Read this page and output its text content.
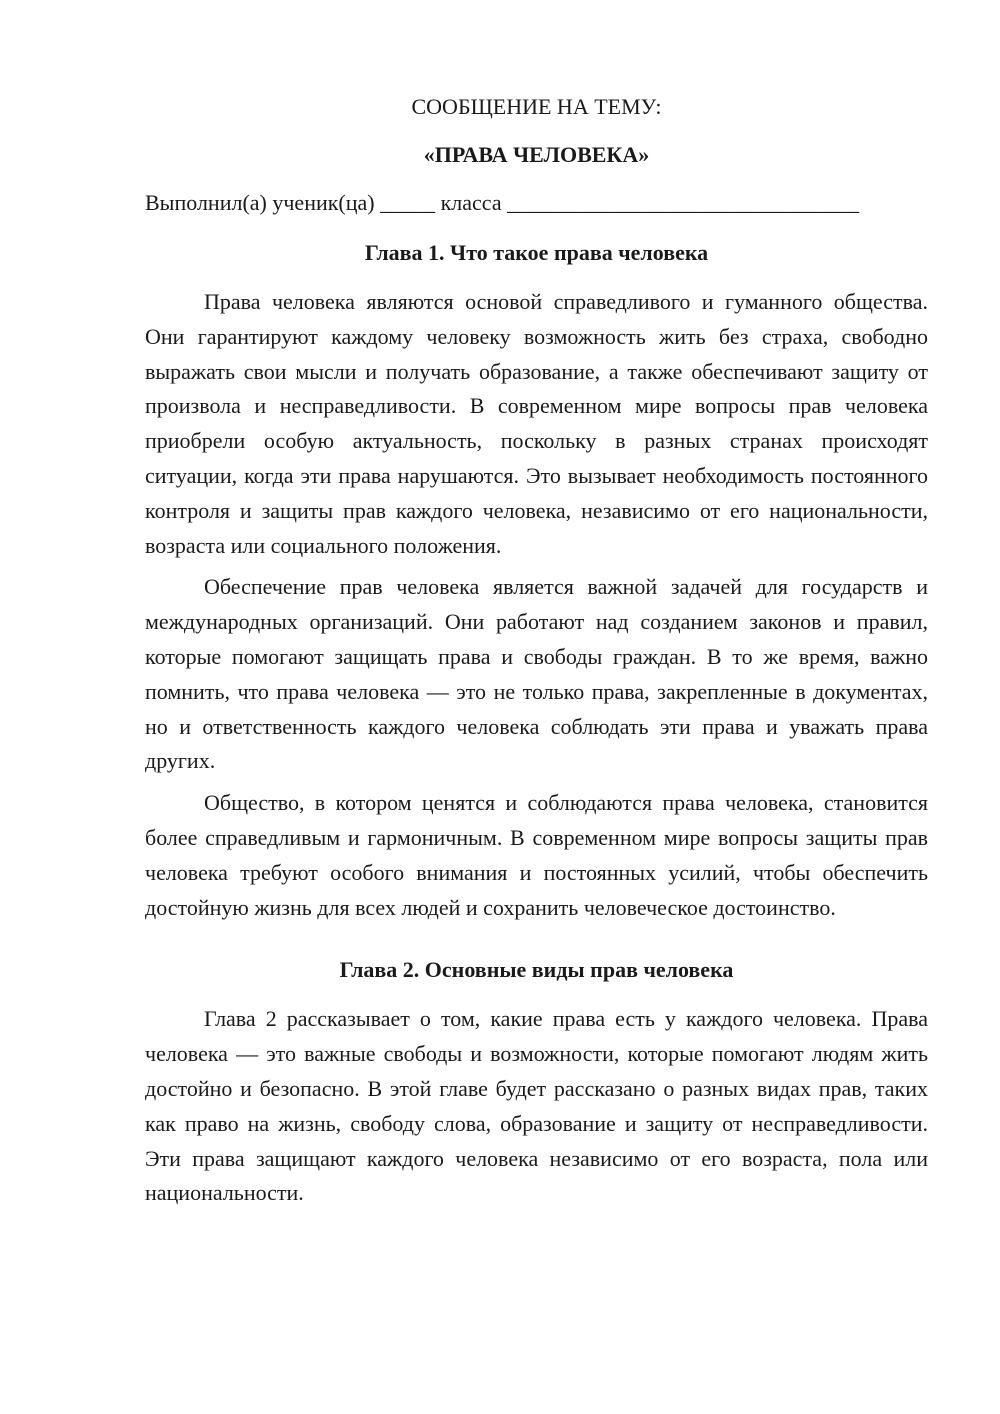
СООБЩЕНИЕ НА ТЕМУ:

«ПРАВА ЧЕЛОВЕКА»

Выполнил(а) ученик(ца) _____ класса ________________________________

Глава 1. Что такое права человека

Права человека являются основой справедливого и гуманного общества. Они гарантируют каждому человеку возможность жить без страха, свободно выражать свои мысли и получать образование, а также обеспечивают защиту от произвола и несправедливости. В современном мире вопросы прав человека приобрели особую актуальность, поскольку в разных странах происходят ситуации, когда эти права нарушаются. Это вызывает необходимость постоянного контроля и защиты прав каждого человека, независимо от его национальности, возраста или социального положения.

Обеспечение прав человека является важной задачей для государств и международных организаций. Они работают над созданием законов и правил, которые помогают защищать права и свободы граждан. В то же время, важно помнить, что права человека — это не только права, закрепленные в документах, но и ответственность каждого человека соблюдать эти права и уважать права других.

Общество, в котором ценятся и соблюдаются права человека, становится более справедливым и гармоничным. В современном мире вопросы защиты прав человека требуют особого внимания и постоянных усилий, чтобы обеспечить достойную жизнь для всех людей и сохранить человеческое достоинство.

Глава 2. Основные виды прав человека

Глава 2 рассказывает о том, какие права есть у каждого человека. Права человека — это важные свободы и возможности, которые помогают людям жить достойно и безопасно. В этой главе будет рассказано о разных видах прав, таких как право на жизнь, свободу слова, образование и защиту от несправедливости. Эти права защищают каждого человека независимо от его возраста, пола или национальности.
